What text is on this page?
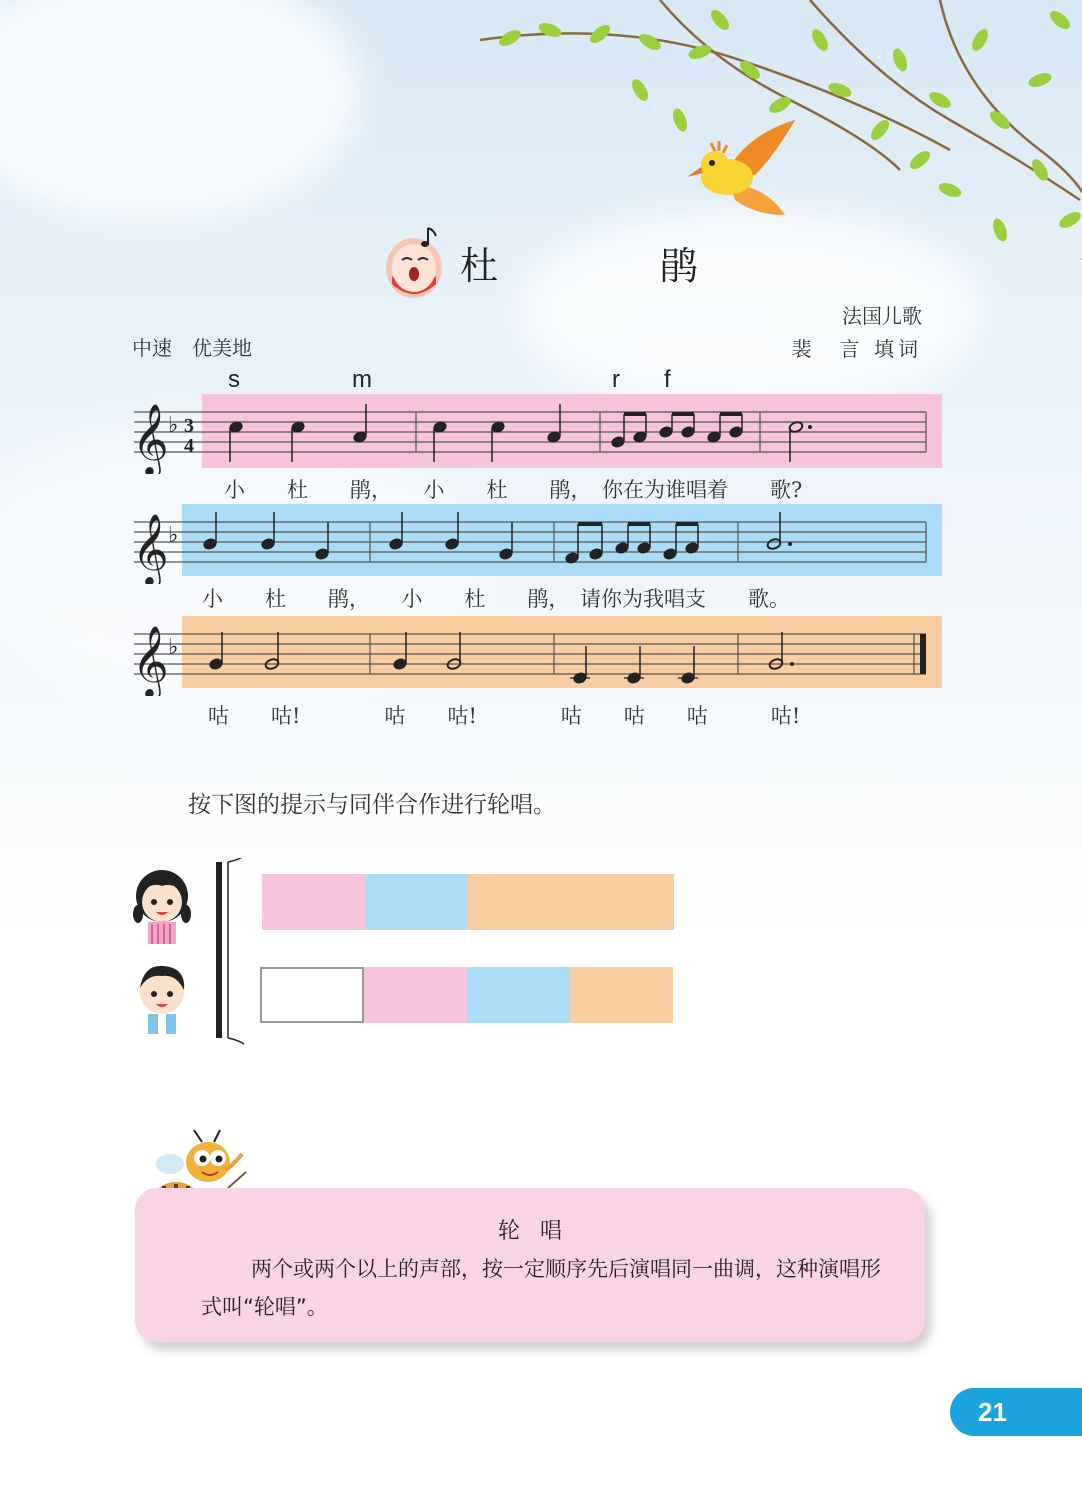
杜　鹃
法国儿歌
裴　言 填词
中速　优美地
s	m	r f
𝄞 ♭ 3
4
小　　杜　　鹃，　　小　　杜　　鹃，　你在为谁唱着　　歌?
𝄞 ♭
小　　杜　　鹃，　　小　　杜　　鹃，　请你为我唱支　　歌。
𝄞 ♭
咕　　咕!　　　　咕　　咕!　　　　咕　　咕　　咕　　　咕!
按下图的提示与同伴合作进行轮唱。
轮唱
两个或两个以上的声部，按一定顺序先后演唱同一曲调，这种演唱形式叫“轮唱”。
21
